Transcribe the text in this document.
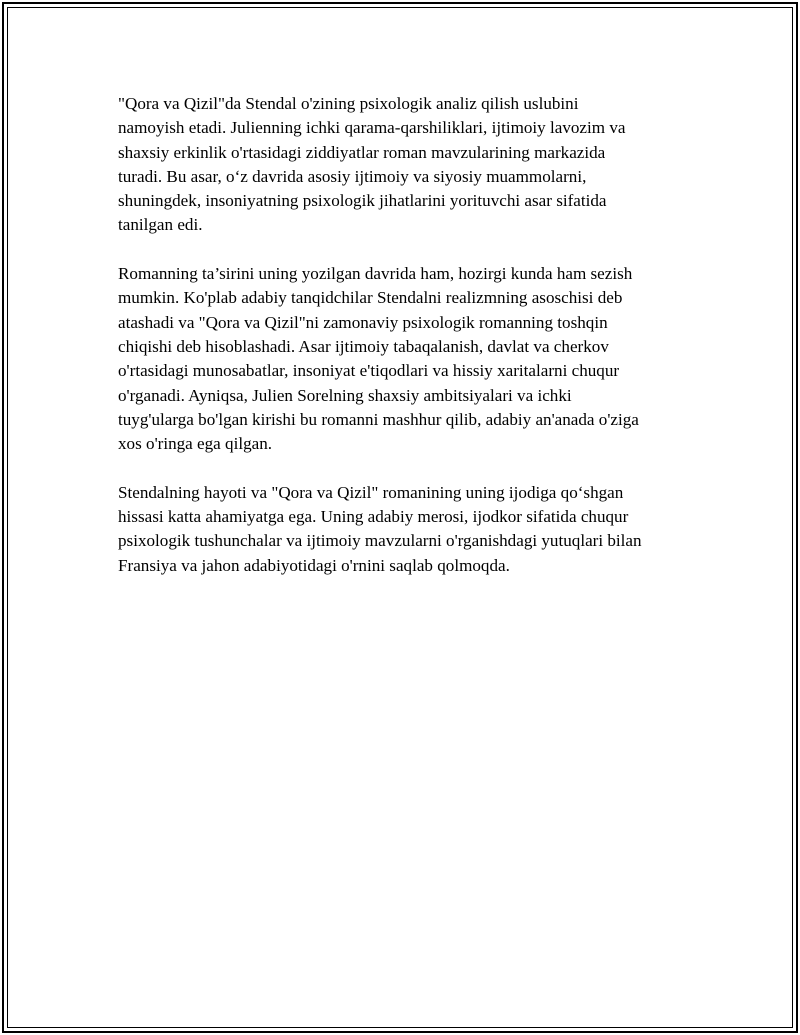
"Qora va Qizil"da Stendal o'zining psixologik analiz qilish uslubini
namoyish etadi. Julienning ichki qarama-qarshiliklari, ijtimoiy lavozim va
shaxsiy erkinlik o'rtasidagi ziddiyatlar roman mavzularining markazida
turadi. Bu asar, o‘z davrida asosiy ijtimoiy va siyosiy muammolarni,
shuningdek, insoniyatning psixologik jihatlarini yorituvchi asar sifatida
tanilgan edi.

Romanning ta’sirini uning yozilgan davrida ham, hozirgi kunda ham sezish
mumkin. Ko'plab adabiy tanqidchilar Stendalni realizmning asoschisi deb
atashadi va "Qora va Qizil"ni zamonaviy psixologik romanning toshqin
chiqishi deb hisoblashadi. Asar ijtimoiy tabaqalanish, davlat va cherkov
o'rtasidagi munosabatlar, insoniyat e'tiqodlari va hissiy xaritalarni chuqur
o'rganadi. Ayniqsa, Julien Sorelning shaxsiy ambitsiyalari va ichki
tuyg'ularga bo'lgan kirishi bu romanni mashhur qilib, adabiy an'anada o'ziga
xos o'ringa ega qilgan.

Stendalning hayoti va "Qora va Qizil" romanining uning ijodiga qo‘shgan
hissasi katta ahamiyatga ega. Uning adabiy merosi, ijodkor sifatida chuqur
psixologik tushunchalar va ijtimoiy mavzularni o'rganishdagi yutuqlari bilan
Fransiya va jahon adabiyotidagi o'rnini saqlab qolmoqda.
